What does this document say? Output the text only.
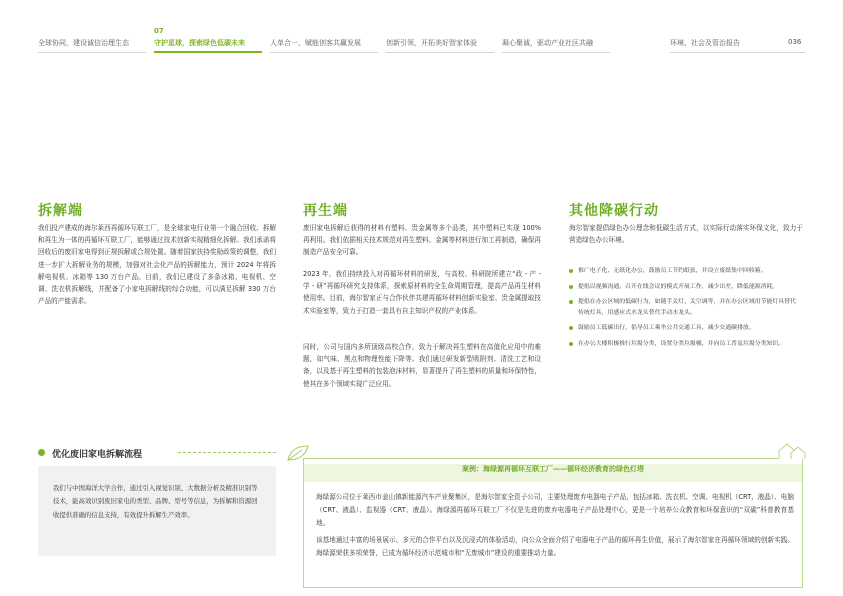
全球协同，建设诚信治理生态
07
守护星球，探索绿色低碳未来	人单合一，赋能创客共赢发展	创新引领，开拓美好智家体验	凝心聚诚，驱动产业社区共融	环境、社会及管治报告	036
拆解端

我们投产建成的海尔莱西再循环互联工厂，是全球家电行业第一个融合回收、拆解和再生为一体的再循环互联工厂，能够通过技术创新实现精细化拆解。我们承诺将回收后的废旧家电得到正规拆解或合规处置。随着国家扶持奖励政策的调整，我们进一步扩大拆解业务的规模，加强对社会化产品的拆解能力，预计 2024 年将拆解电视机、冰箱等 130 万台产品。目前，我们已建设了多条冰箱、电视机、空调、洗衣机拆解线，并配备了小家电拆解线的综合功能，可以满足拆解 330 万台产品的产能需求。

再生端

废旧家电拆解后获得的材料有塑料、贵金属等多个品类，其中塑料已实现 100% 再利用。我们依据相关技术规范对再生塑料、金属等材料进行加工再制造，确保再制造产品安全可靠。

2023 年，我们持续投入对再循环材料的研发，与高校、科研院所建立“政 - 产 - 学 - 研”再循环研究支持体系，探索原材料的全生命周期管理，提高产品再生材料使用率。目前，海尔智家正与合作伙伴共建再循环材料创新实验室、贵金属提取技术实验室等，致力于打造一套具有自主知识产权的产业体系。

同时，公司与国内多所顶级高校合作，致力于解决再生塑料在高值化应用中的难题，如气味、黑点和物理性能下降等。我们通过研发新型吸附剂、清洗工艺和设备，以及基于再生塑料的包装泡沫材料，显著提升了再生塑料的质量和环保特性，使其在多个领域实现广泛应用。

其他降碳行动

海尔智家提倡绿色办公理念和低碳生活方式，以实际行动落实环保文化，致力于营造绿色办公环境。

推广电子化、无纸化办公，鼓励员工节约纸张，并设立废纸集中回收箱。
提倡以视频沟通、召开在线会议的模式开展工作，减少出差，降低能源消耗。
提倡在办公区域的低碳行为，如随手关灯、关空调等，并在办公区域用节能灯具替代传统灯具，用感应式水龙头替代手动水龙头。
鼓励员工低碳出行，倡导员工乘坐公共交通工具，减少交通碳排放。
在办公大楼积极推行垃圾分类，设置分类垃圾桶，并向员工普及垃圾分类知识。
优化废旧家电拆解流程

我们与中国海洋大学合作，通过引入视觉识别、大数据分析及精准识别等技术，能高效识别废旧家电的类型、品牌、型号等信息，为拆解和资源回收提供准确的信息支持，有效提升拆解生产效率。

案例：海绿源再循环互联工厂——循环经济教育的绿色灯塔

海绿源公司位于莱西市姜山镇新能源汽车产业聚集区，是海尔智家全资子公司，主要处理废弃电器电子产品，包括冰箱、洗衣机、空调、电视机（CRT、液晶）、电脑（CRT、液晶）、监视器（CRT、液晶）。海绿源再循环互联工厂不仅是先进的废弃电器电子产品处理中心，更是一个培养公众教育和环保意识的“双碳”科普教育基地。

该基地通过丰富的场景展示、多元的合作平台以及沉浸式的体验活动，向公众全面介绍了电器电子产品的循环再生价值，展示了海尔智家在再循环领域的创新实践。海绿源荣获多项荣誉，已成为循环经济示范城市和“无废城市”建设的重要推动力量。
